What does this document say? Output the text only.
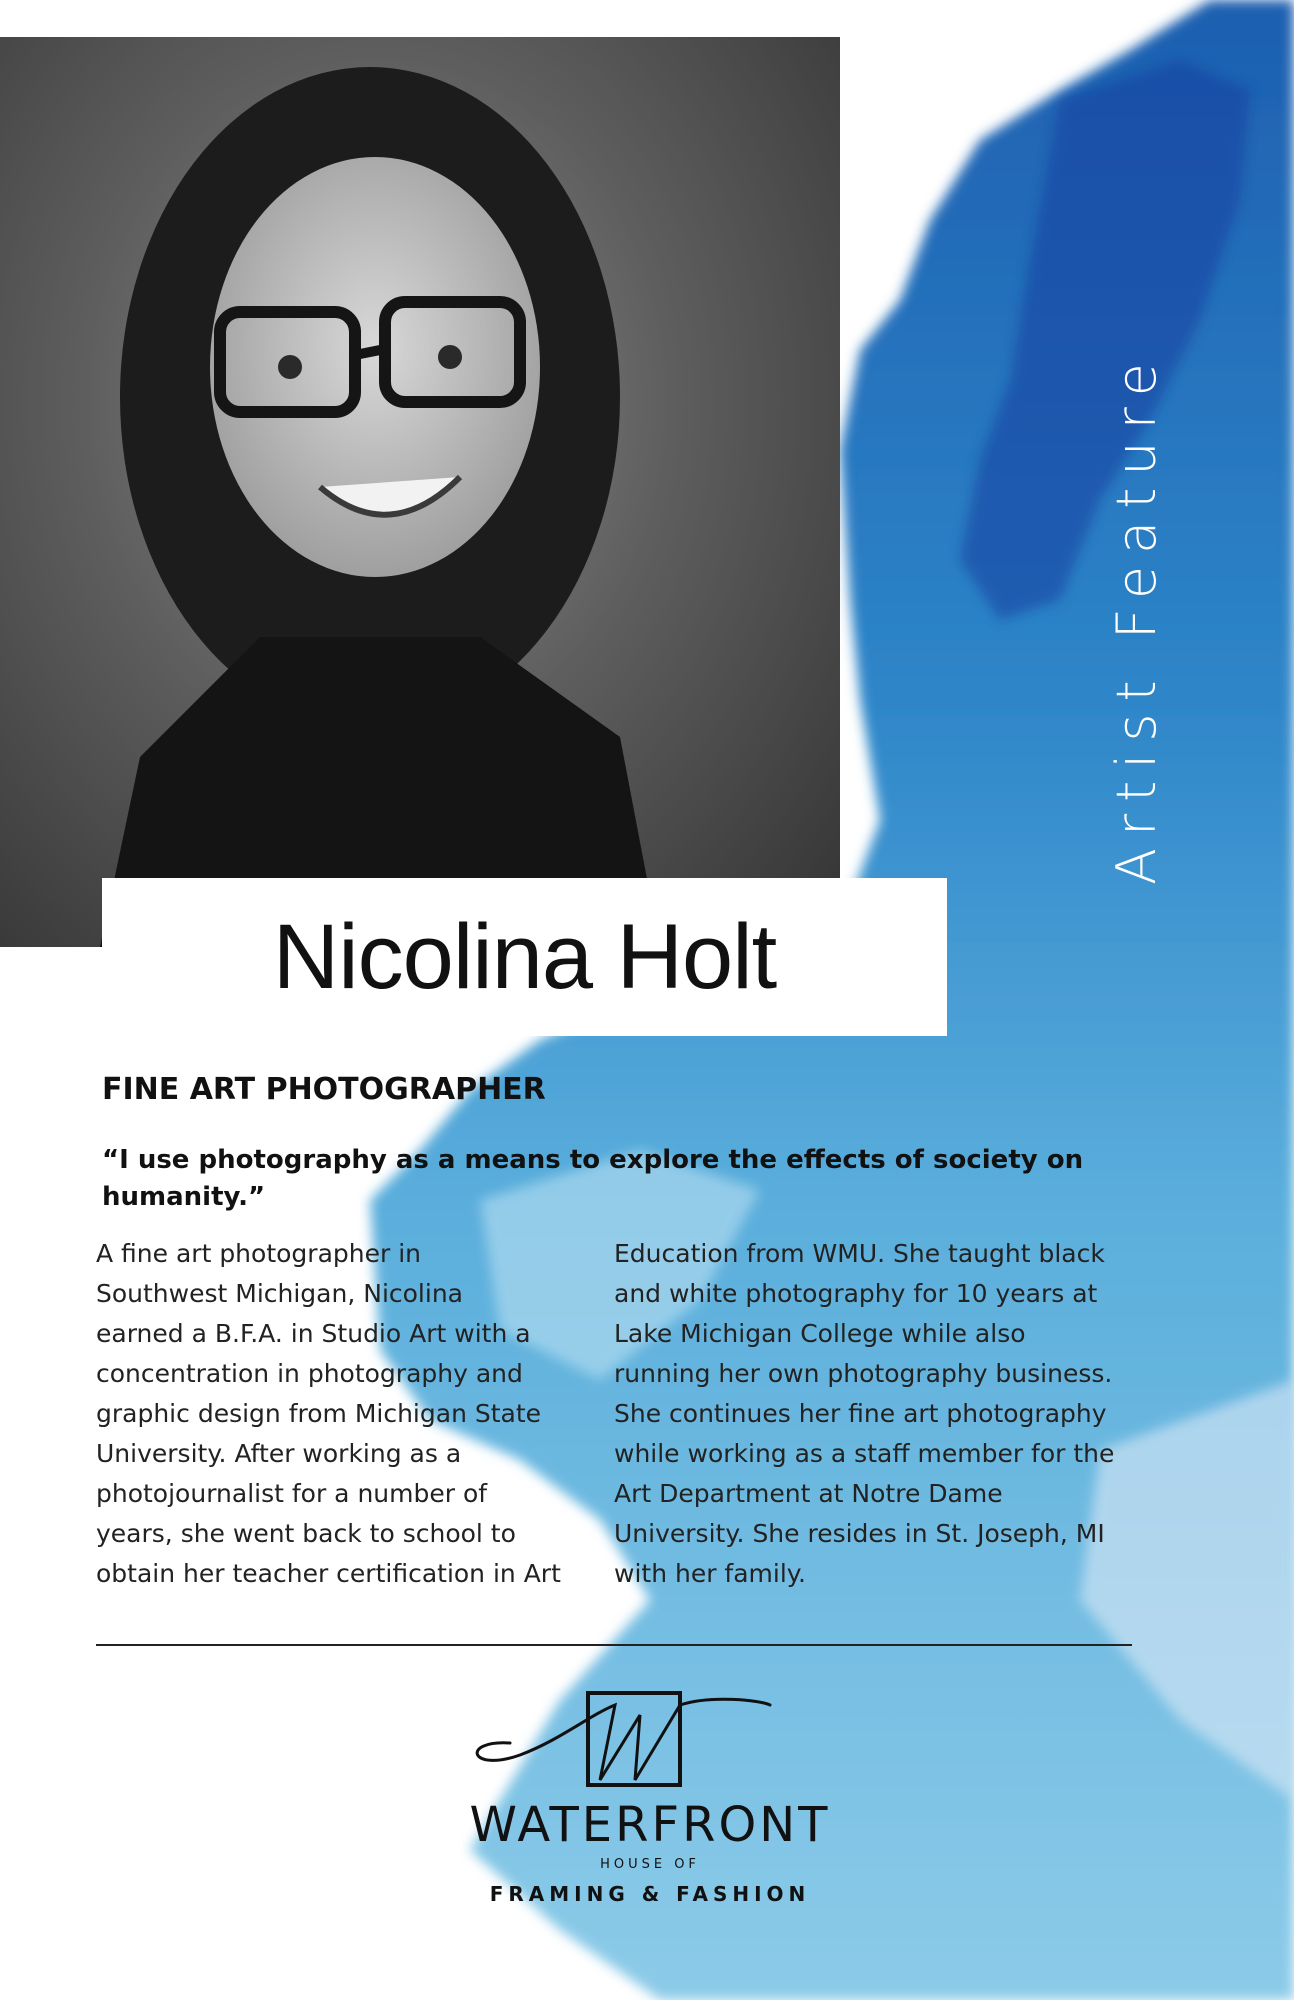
Artist Feature
Nicolina Holt
FINE ART PHOTOGRAPHER
“I use photography as a means to explore the effects of society on humanity.”
A fine art photographer in
Southwest Michigan, Nicolina
earned a B.F.A. in Studio Art with a
concentration in photography and
graphic design from Michigan State
University. After working as a
photojournalist for a number of
years, she went back to school to
obtain her teacher certification in Art
Education from WMU. She taught black
and white photography for 10 years at
Lake Michigan College while also
running her own photography business.
She continues her fine art photography
while working as a staff member for the
Art Department at Notre Dame
University. She resides in St. Joseph, MI
with her family.
WATERFRONT
HOUSE OF
FRAMING & FASHION
